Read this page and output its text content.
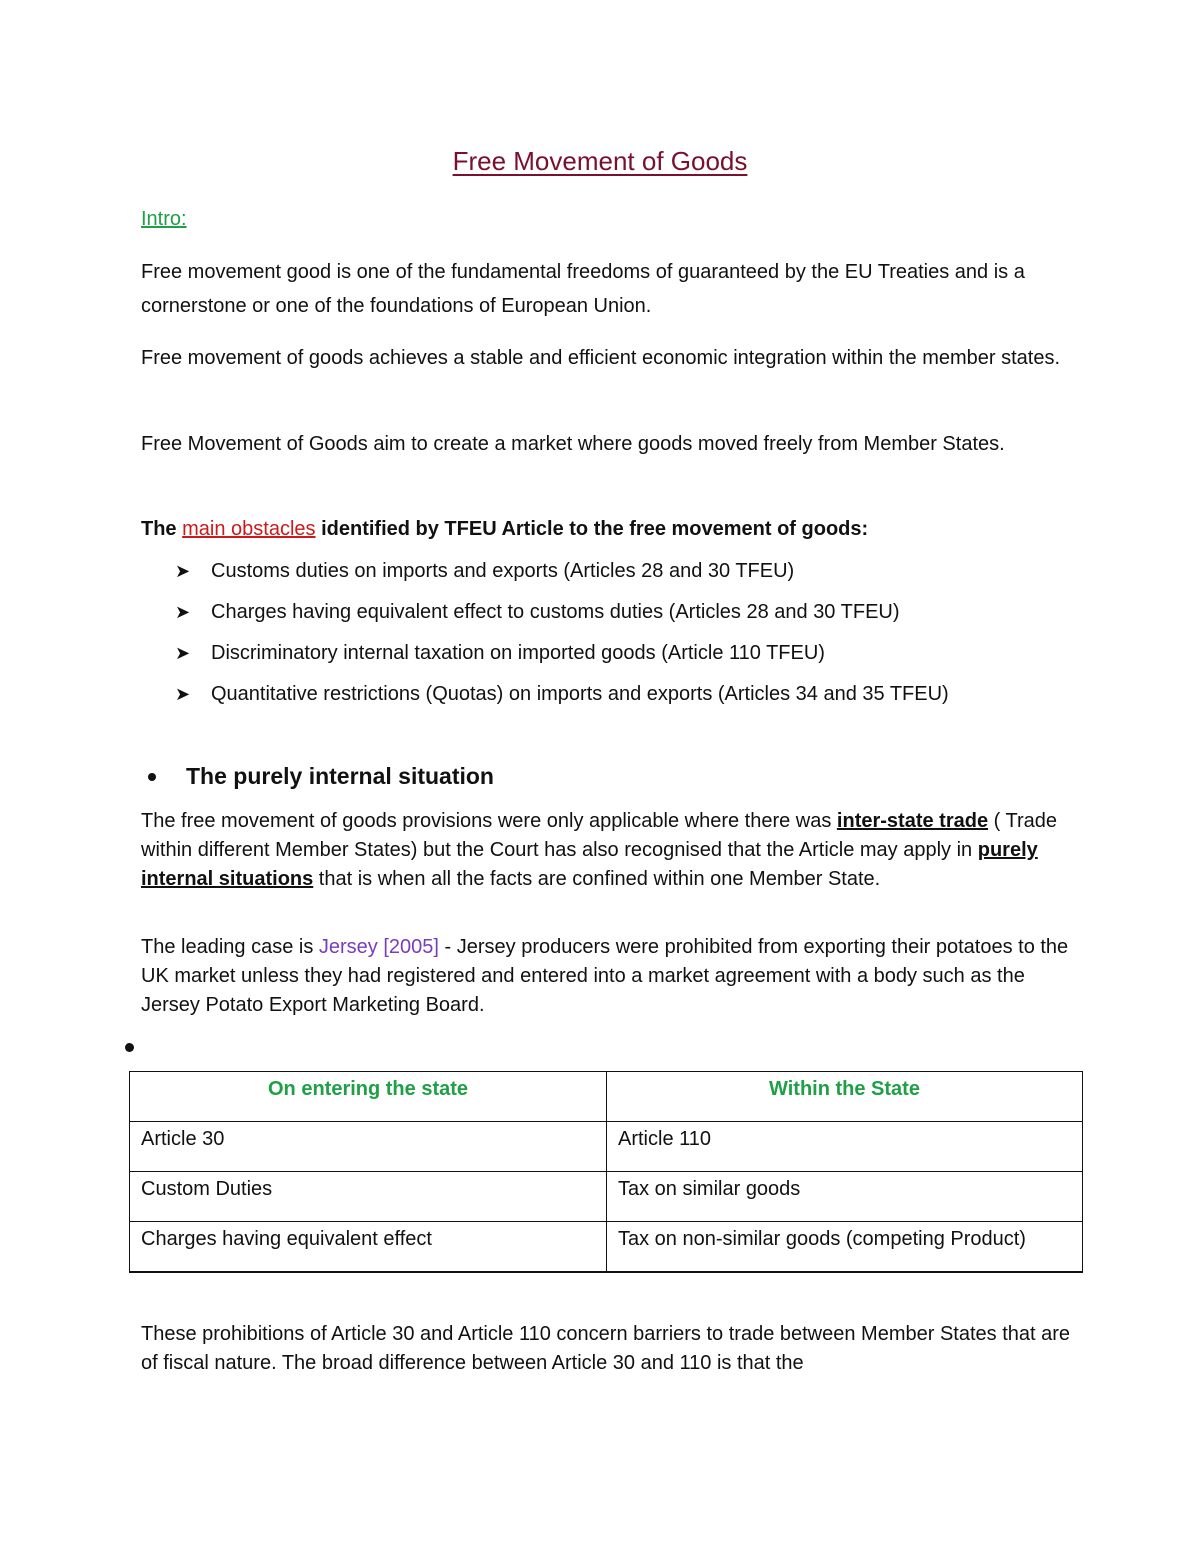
Free Movement of Goods
Intro:

Free movement good is one of the fundamental freedoms of guaranteed by the EU Treaties and is a cornerstone or one of the foundations of European Union.

Free movement of goods achieves a stable and efficient economic integration within the member states.

Free Movement of Goods aim to create a market where goods moved freely from Member States.

The main obstacles identified by TFEU Article to the free movement of goods:

➤	Customs duties on imports and exports (Articles 28 and 30 TFEU)
➤	Charges having equivalent effect to customs duties (Articles 28 and 30 TFEU)
➤	Discriminatory internal taxation on imported goods (Article 110 TFEU)
➤	Quantitative restrictions (Quotas) on imports and exports (Articles 34 and 35 TFEU)
The purely internal situation

The free movement of goods provisions were only applicable where there was inter-state trade ( Trade within different Member States) but the Court has also recognised that the Article may apply in purely internal situations that is when all the facts are confined within one Member State.

The leading case is Jersey [2005] - Jersey producers were prohibited from exporting their potatoes to the UK market unless they had registered and entered into a market agreement with a body such as the Jersey Potato Export Marketing Board.

On entering the state	Within the State
Article 30	Article 110
Custom Duties	Tax on similar goods
Charges having equivalent effect	Tax on non-similar goods (competing Product)

These prohibitions of Article 30 and Article 110 concern barriers to trade between Member States that are of fiscal nature. The broad difference between Article 30 and 110 is that the
